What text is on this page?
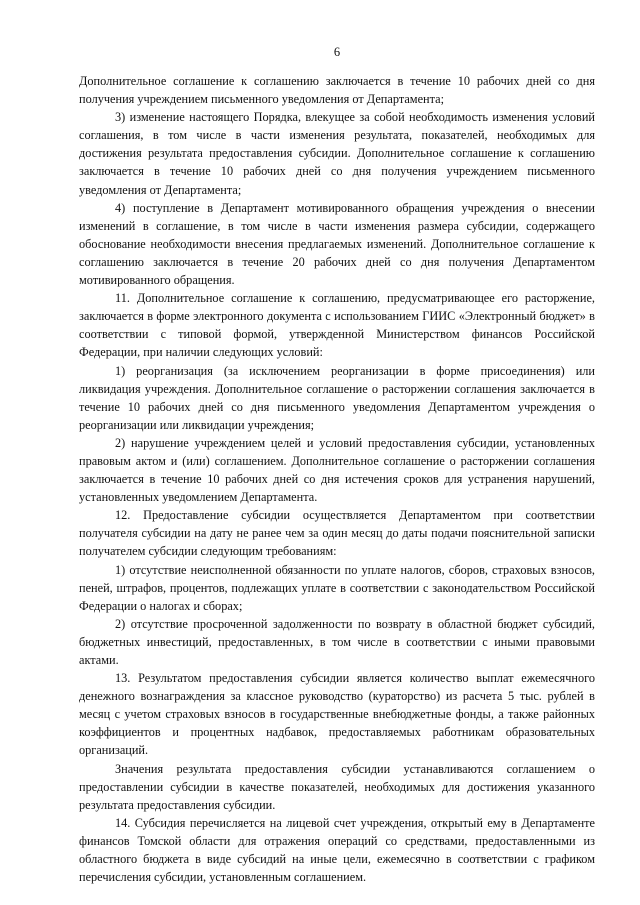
6

Дополнительное соглашение к соглашению заключается в течение 10 рабочих дней со дня получения учреждением письменного уведомления от Департамента;

3) изменение настоящего Порядка, влекущее за собой необходимость изменения условий соглашения, в том числе в части изменения результата, показателей, необходимых для достижения результата предоставления субсидии. Дополнительное соглашение к соглашению заключается в течение 10 рабочих дней со дня получения учреждением письменного уведомления от Департамента;

4) поступление в Департамент мотивированного обращения учреждения о внесении изменений в соглашение, в том числе в части изменения размера субсидии, содержащего обоснование необходимости внесения предлагаемых изменений. Дополнительное соглашение к соглашению заключается в течение 20 рабочих дней со дня получения Департаментом мотивированного обращения.

11. Дополнительное соглашение к соглашению, предусматривающее его расторжение, заключается в форме электронного документа с использованием ГИИС «Электронный бюджет» в соответствии с типовой формой, утвержденной Министерством финансов Российской Федерации, при наличии следующих условий:

1) реорганизация (за исключением реорганизации в форме присоединения) или ликвидация учреждения. Дополнительное соглашение о расторжении соглашения заключается в течение 10 рабочих дней со дня письменного уведомления Департаментом учреждения о реорганизации или ликвидации учреждения;

2) нарушение учреждением целей и условий предоставления субсидии, установленных правовым актом и (или) соглашением. Дополнительное соглашение о расторжении соглашения заключается в течение 10 рабочих дней со дня истечения сроков для устранения нарушений, установленных уведомлением Департамента.

12. Предоставление субсидии осуществляется Департаментом при соответствии получателя субсидии на дату не ранее чем за один месяц до даты подачи пояснительной записки получателем субсидии следующим требованиям:

1) отсутствие неисполненной обязанности по уплате налогов, сборов, страховых взносов, пеней, штрафов, процентов, подлежащих уплате в соответствии с законодательством Российской Федерации о налогах и сборах;

2) отсутствие просроченной задолженности по возврату в областной бюджет субсидий, бюджетных инвестиций, предоставленных, в том числе в соответствии с иными правовыми актами.

13. Результатом предоставления субсидии является количество выплат ежемесячного денежного вознаграждения за классное руководство (кураторство) из расчета 5 тыс. рублей в месяц с учетом страховых взносов в государственные внебюджетные фонды, а также районных коэффициентов и процентных надбавок, предоставляемых работникам образовательных организаций.

Значения результата предоставления субсидии устанавливаются соглашением о предоставлении субсидии в качестве показателей, необходимых для достижения указанного результата предоставления субсидии.

14. Субсидия перечисляется на лицевой счет учреждения, открытый ему в Департаменте финансов Томской области для отражения операций со средствами, предоставленными из областного бюджета в виде субсидий на иные цели, ежемесячно в соответствии с графиком перечисления субсидии, установленным соглашением.
